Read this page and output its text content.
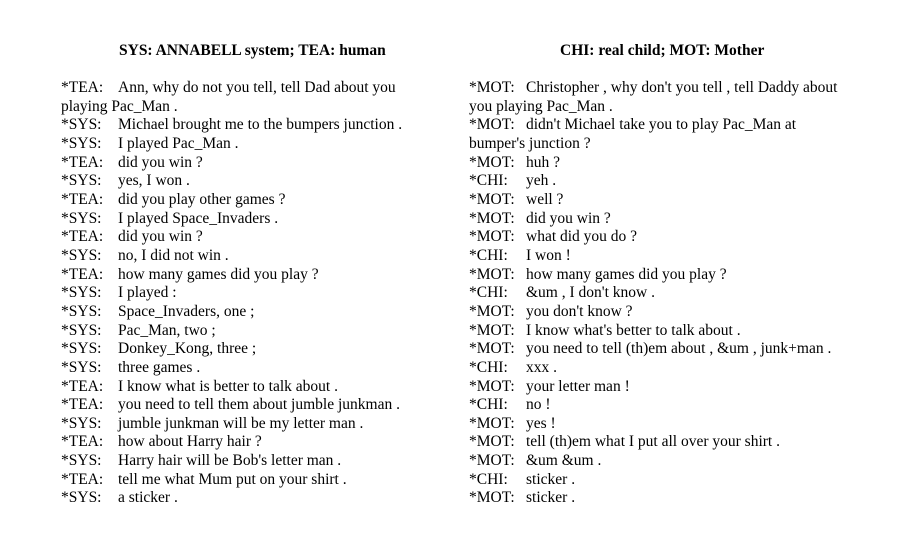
SYS: ANNABELL system; TEA: human
*TEA: Ann, why do not you tell, tell Dad about you
playing Pac_Man .
*SYS: Michael brought me to the bumpers junction .
*SYS: I played Pac_Man .
*TEA: did you win ?
*SYS: yes, I won .
*TEA: did you play other games ?
*SYS: I played Space_Invaders .
*TEA: did you win ?
*SYS: no, I did not win .
*TEA: how many games did you play ?
*SYS: I played :
*SYS: Space_Invaders, one ;
*SYS: Pac_Man, two ;
*SYS: Donkey_Kong, three ;
*SYS: three games .
*TEA: I know what is better to talk about .
*TEA: you need to tell them about jumble junkman .
*SYS: jumble junkman will be my letter man .
*TEA: how about Harry hair ?
*SYS: Harry hair will be Bob's letter man .
*TEA: tell me what Mum put on your shirt .
*SYS: a sticker .
CHI: real child; MOT: Mother
*MOT: Christopher , why don't you tell , tell Daddy about
you playing Pac_Man .
*MOT: didn't Michael take you to play Pac_Man at
bumper's junction ?
*MOT: huh ?
*CHI: yeh .
*MOT: well ?
*MOT: did you win ?
*MOT: what did you do ?
*CHI: I won !
*MOT: how many games did you play ?
*CHI: &um , I don't know .
*MOT: you don't know ?
*MOT: I know what's better to talk about .
*MOT: you need to tell (th)em about , &um , junk+man .
*CHI: xxx .
*MOT: your letter man !
*CHI: no !
*MOT: yes !
*MOT: tell (th)em what I put all over your shirt .
*MOT: &um &um .
*CHI: sticker .
*MOT: sticker .
